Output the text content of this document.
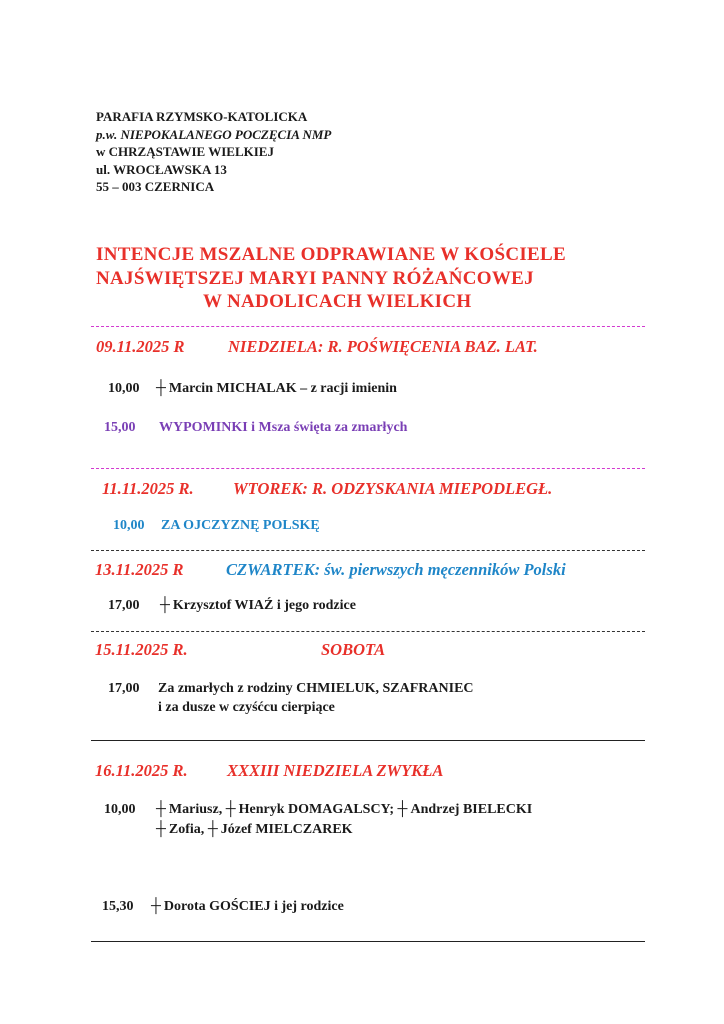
PARAFIA RZYMSKO-KATOLICKA
p.w. NIEPOKALANEGO POCZĘCIA NMP
w CHRZĄSTAWIE WIELKIEJ
ul. WROCŁAWSKA 13
55 – 003 CZERNICA
INTENCJE MSZALNE ODPRAWIANE W KOŚCIELE
NAJŚWIĘTSZEJ MARYI PANNY RÓŻAŃCOWEJ
W NADOLICACH WIELKICH
09.11.2025 R	NIEDZIELA: R. POŚWIĘCENIA BAZ. LAT.
10,00 ┼ Marcin MICHALAK – z racji imienin
15,00 WYPOMINKI i Msza święta za zmarłych
11.11.2025 R. WTOREK: R. ODZYSKANIA MIEPODLEGŁ.
10,00 ZA OJCZYZNĘ POLSKĘ
13.11.2025 R	CZWARTEK: św. pierwszych męczenników Polski
17,00 ┼ Krzysztof WIAŹ i jego rodzice
15.11.2025 R.	SOBOTA
17,00 Za zmarłych z rodziny CHMIELUK, SZAFRANIEC
i za dusze w czyśćcu cierpiące
16.11.2025 R. XXXIII NIEDZIELA ZWYKŁA
10,00 ┼ Mariusz, ┼ Henryk DOMAGALSCY; ┼ Andrzej BIELECKI
┼ Zofia, ┼ Józef MIELCZAREK
15,30 ┼ Dorota GOŚCIEJ i jej rodzice
